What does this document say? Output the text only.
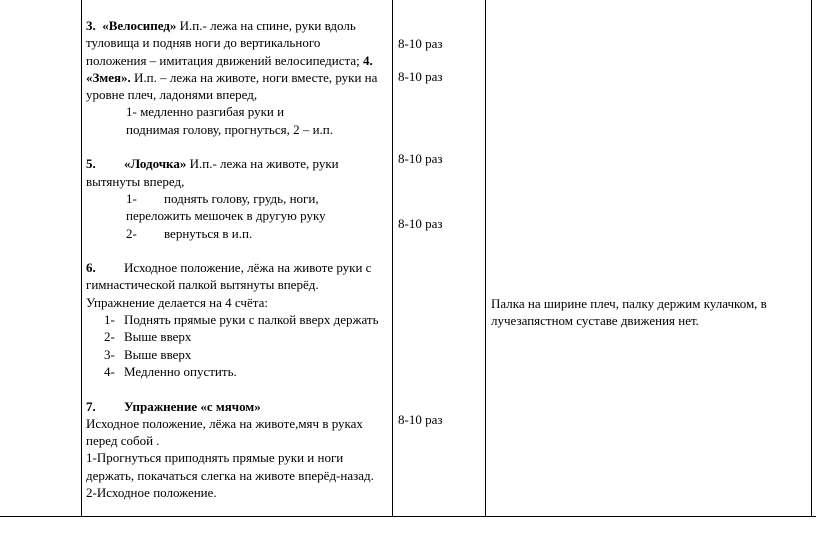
3. «Велосипед» И.п.- лежа на спине, руки вдоль
туловища и подняв ноги до вертикального
положения – имитация движений велосипедиста; 4.
«Змея». И.п. – лежа на животе, ноги вместе, руки на
уровне плеч, ладонями вперед,
1- медленно разгибая руки и
поднимая голову, прогнуться, 2 – и.п.
5. «Лодочка» И.п.- лежа на животе, руки
вытянуты вперед,
1- поднять голову, грудь, ноги,
переложить мешочек в другую руку
2- вернуться в и.п.
6. Исходное положение, лёжа на животе руки с
гимнастической палкой вытянуты вперёд.
Упражнение делается на 4 счёта:
1- Поднять прямые руки с палкой вверх держать
2- Выше вверх
3- Выше вверх
4- Медленно опустить.
7. Упражнение «с мячом»
Исходное положение, лёжа на животе,мяч в руках
перед собой .
1-Прогнуться приподнять прямые руки и ноги
держать, покачаться слегка на животе вперёд-назад.
2-Исходное положение.
8-10 раз
8-10 раз
8-10 раз
8-10 раз
8-10 раз
Палка на ширине плеч, палку держим кулачком, в
лучезапястном суставе движения нет.
